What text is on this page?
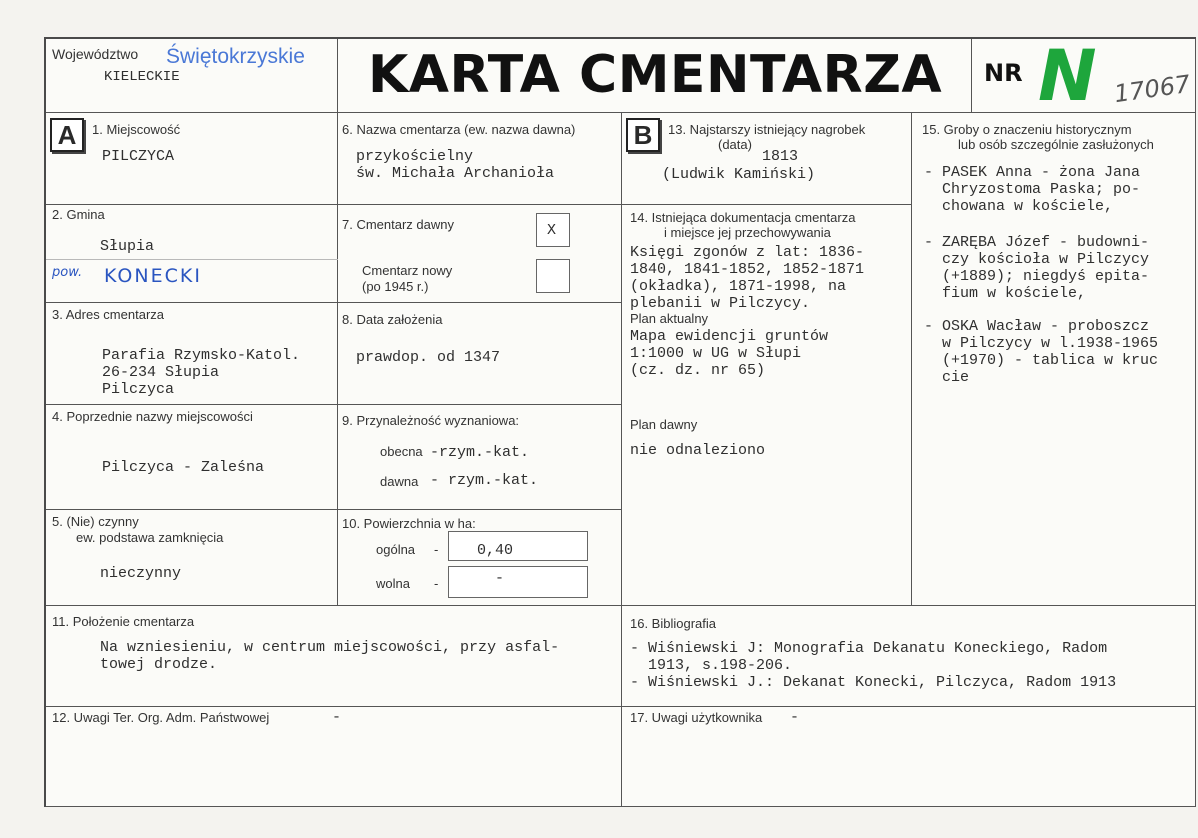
Województwo Świętokrzyskie
KIELECKIE	KARTA CMENTARZA NR N 17067
A	1. Miejscowość
PILCZYCA
2. Gmina
Słupia
pow. KONECKI
3. Adres cmentarza
Parafia Rzymsko-Katol.
26-234 Słupia
Pilczyca
4. Poprzednie nazwy miejscowości
Pilczyca - Zaleśna
5. (Nie) czynny
ew. podstawa zamknięcia
nieczynny
6. Nazwa cmentarza (ew. nazwa dawna)
przykościelny
św. Michała Archanioła
7. Cmentarz dawny	X
Cmentarz nowy
(po 1945 r.)
8. Data założenia
prawdop. od 1347
9. Przynależność wyznaniowa:
obecna -rzym.-kat.
dawna - rzym.-kat.
10. Powierzchnia w ha:
ogólna -	0,40
wolna -	-
B	13. Najstarszy istniejący nagrobek
(data)
1813
(Ludwik Kamiński)
14. Istniejąca dokumentacja cmentarza
i miejsce jej przechowywania
Księgi zgonów z lat: 1836-
1840, 1841-1852, 1852-1871
(okładka), 1871-1998, na
plebanii w Pilczycy.
Plan aktualny
Mapa ewidencji gruntów
1:1000 w UG w Słupi
(cz. dz. nr 65)
Plan dawny
nie odnaleziono
15. Groby o znaczeniu historycznym
lub osób szczególnie zasłużonych
- PASEK Anna - żona Jana
Chryzostoma Paska; po-
chowana w kościele,
- ZARĘBA Józef - budowni-
czy kościoła w Pilczycy
(+1889); niegdyś epita-
fium w kościele,
- OSKA Wacław - proboszcz
w Pilczycy w l.1938-1965
(+1970) - tablica w kruc
cie
11. Położenie cmentarza
Na wzniesieniu, w centrum miejscowości, przy asfal-
towej drodze.
16. Bibliografia
- Wiśniewski J: Monografia Dekanatu Koneckiego, Radom
1913, s.198-206.
- Wiśniewski J.: Dekanat Konecki, Pilczyca, Radom 1913
12. Uwagi Ter. Org. Adm. Państwowej	-	17. Uwagi użytkownika -
